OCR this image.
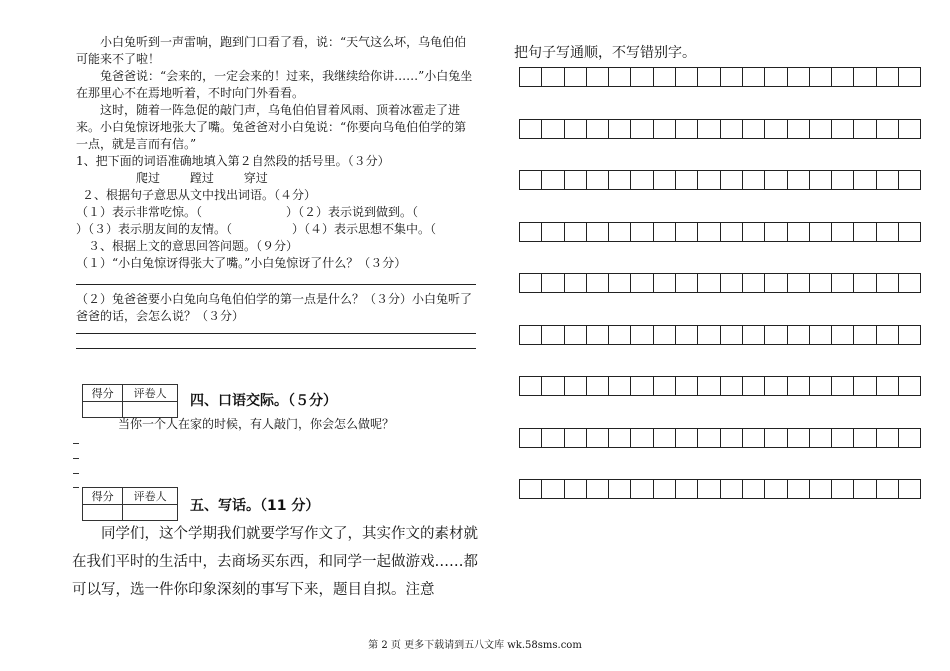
小白兔听到一声雷响，跑到门口看了看，说：“天气这么坏，乌龟伯伯可能来不了啦！

兔爸爸说：“会来的，一定会来的！过来，我继续给你讲……”小白兔坐在那里心不在焉地听着，不时向门外看看。

这时，随着一阵急促的敲门声，乌龟伯伯冒着风雨、顶着冰雹走了进来。小白兔惊讶地张大了嘴。兔爸爸对小白兔说：“你要向乌龟伯伯学的第一点，就是言而有信。”

1、把下面的词语准确地填入第２自然段的括号里。（３分）

爬过 蹚过 穿过

２、根据句子意思从文中找出词语。（４分）

（１）表示非常吃惊。（　　　　　　　）（２）表示说到做到。（

）（３）表示朋友间的友情。（　　　　　）（４）表示思想不集中。（

３、根据上文的意思回答问题。（９分）

（１）“小白兔惊讶得张大了嘴。”小白兔惊讶了什么？（３分）

（２）兔爸爸要小白兔向乌龟伯伯学的第一点是什么？（３分）小白兔听了爸爸的话，会怎么说？（３分）

得分	评卷人
	四、口语交际。（５分）
当你一个人在家的时候，有人敲门，你会怎么做呢？
得分	评卷人

五、写话。（11 分）
同学们，这个学期我们就要学写作文了，其实作文的素材就在我们平时的生活中，去商场买东西，和同学一起做游戏……都可以写，选一件你印象深刻的事写下来，题目自拟。注意
把句子写通顺，不写错别字。
第 2 页 更多下载请到五八文库 wk.58sms.com
